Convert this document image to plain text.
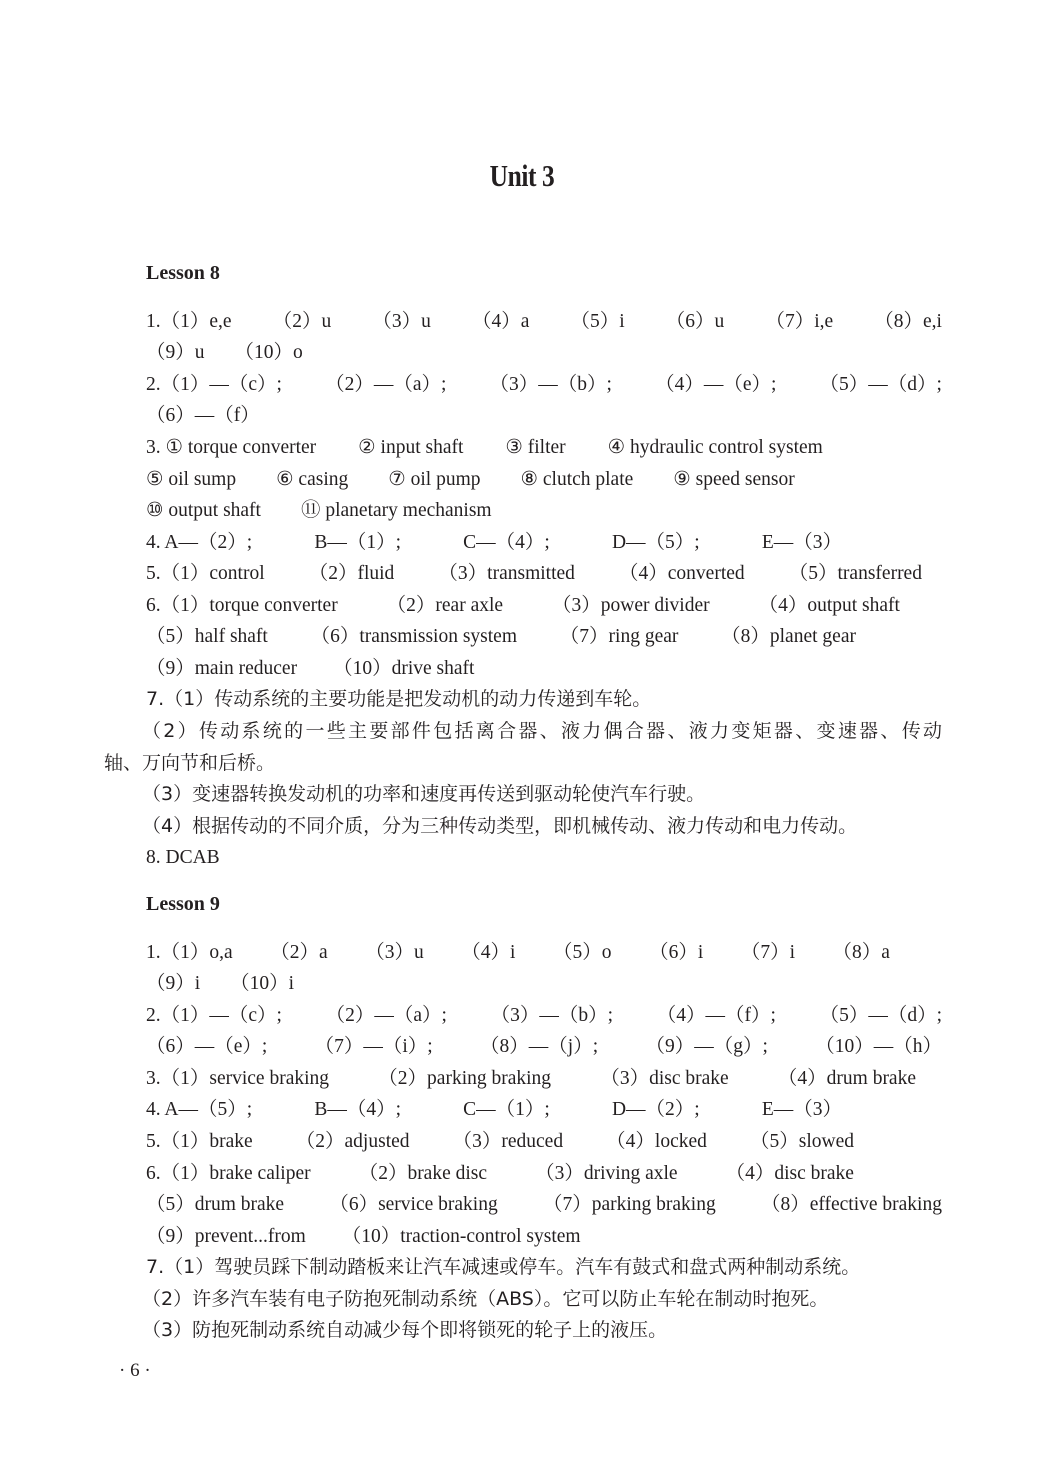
Unit 3
Lesson 8
1.（1）e,e （2）u （3）u （4）a （5）i （6）u （7）i,e （8）e,i
（9）u （10）o
2.（1）—（c）; （2）—（a）; （3）—（b）; （4）—（e）; （5）—（d）;
（6）—（f）
3. ① torque converter ② input shaft ③ filter ④ hydraulic control system
⑤ oil sump ⑥ casing ⑦ oil pump ⑧ clutch plate ⑨ speed sensor
⑩ output shaft ⑪ planetary mechanism
4. A—（2）;	B—（1）;	C—（4）;	D—（5）;	E—（3）
5.（1）control （2）fluid （3）transmitted （4）converted （5）transferred
6.（1）torque converter	（2）rear axle	（3）power divider	（4）output shaft
（5）half shaft （6）transmission system （7）ring gear （8）planet gear
（9）main reducer （10）drive shaft
7.（1）传动系统的主要功能是把发动机的动力传递到车轮。
（2）传动系统的一些主要部件包括离合器、液力偶合器、液力变矩器、变速器、传动
轴、万向节和后桥。
（3）变速器转换发动机的功率和速度再传送到驱动轮使汽车行驶。
（4）根据传动的不同介质，分为三种传动类型，即机械传动、液力传动和电力传动。
8. DCAB
Lesson 9
1.（1）o,a （2）a （3）u （4）i （5）o （6）i （7）i （8）a
（9）i （10）i
2.（1）—（c）; （2）—（a）; （3）—（b）; （4）—（f）; （5）—（d）;
（6）—（e）; （7）—（i）; （8）—（j）; （9）—（g）; （10）—（h）
3.（1）service braking	（2）parking braking	（3）disc brake	（4）drum brake
4. A—（5）;	B—（4）;	C—（1）;	D—（2）;	E—（3）
5.（1）brake （2）adjusted （3）reduced （4）locked （5）slowed
6.（1）brake caliper （2）brake disc （3）driving axle （4）disc brake
（5）drum brake （6）service braking （7）parking braking （8）effective braking
（9）prevent...from （10）traction-control system
7.（1）驾驶员踩下制动踏板来让汽车减速或停车。汽车有鼓式和盘式两种制动系统。
（2）许多汽车装有电子防抱死制动系统（ABS）。它可以防止车轮在制动时抱死。
（3）防抱死制动系统自动减少每个即将锁死的轮子上的液压。
· 6 ·
